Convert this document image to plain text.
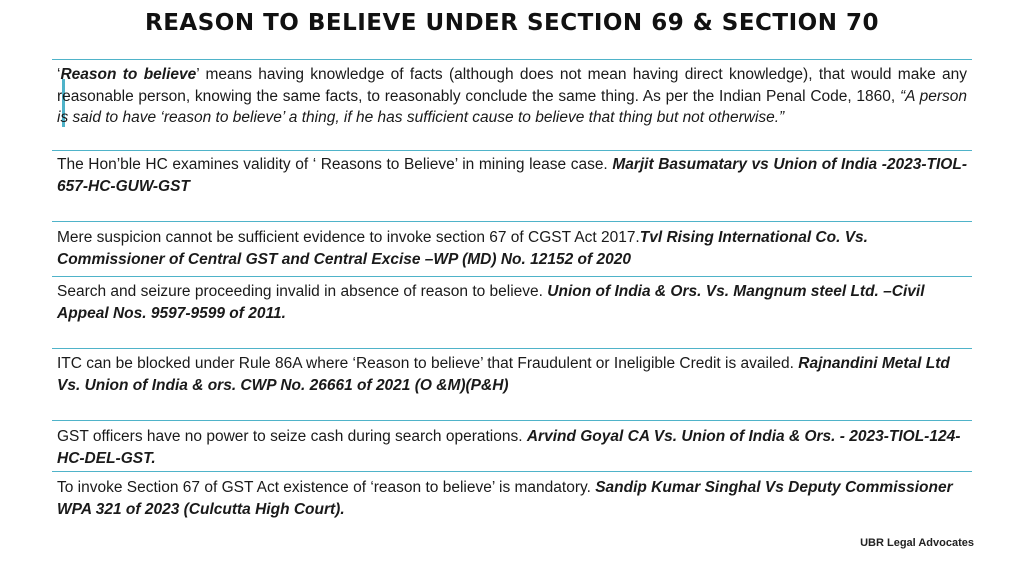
REASON TO BELIEVE UNDER SECTION 69 & SECTION 70
‘Reason to believe’ means having knowledge of facts (although does not mean having direct knowledge), that would make any reasonable person, knowing the same facts, to reasonably conclude the same thing. As per the Indian Penal Code, 1860, “A person is said to have ‘reason to believe’ a thing, if he has sufficient cause to believe that thing but not otherwise.”
The Hon’ble HC examines validity of ‘ Reasons to Believe’ in mining lease case. Marjit Basumatary vs Union of India -2023-TIOL-657-HC-GUW-GST
Mere suspicion cannot be sufficient evidence to invoke section 67 of CGST Act 2017.Tvl Rising International Co. Vs. Commissioner of Central GST and Central Excise –WP (MD) No. 12152 of 2020
Search and seizure proceeding invalid in absence of reason to believe. Union of India & Ors. Vs. Mangnum steel Ltd. –Civil Appeal Nos. 9597-9599 of 2011.
ITC can be blocked under Rule 86A where ‘Reason to believe’ that Fraudulent or Ineligible Credit is availed. Rajnandini Metal Ltd Vs. Union of India & ors. CWP No. 26661 of 2021 (O &M)(P&H)
GST officers have no power to seize cash during search operations. Arvind Goyal CA Vs. Union of India & Ors. - 2023-TIOL-124-HC-DEL-GST.
To invoke Section 67 of GST Act existence of ‘reason to believe’ is mandatory. Sandip Kumar Singhal Vs Deputy Commissioner WPA 321 of 2023 (Culcutta High Court).
UBR Legal Advocates
